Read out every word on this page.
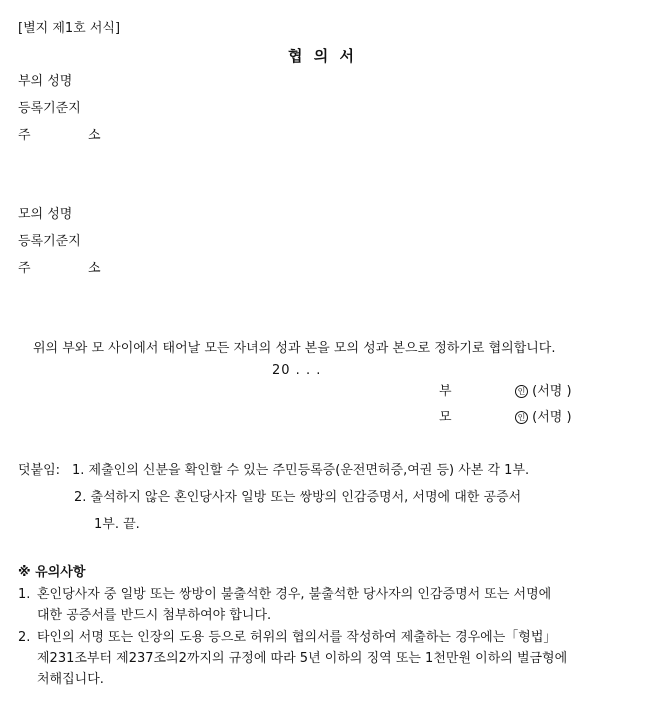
[별지 제1호 서식]
협 의 서
부의 성명
등록기준지
주	소
모의 성명
등록기준지
주	소
위의 부와 모 사이에서 태어날 모든 자녀의 성과 본을 모의 성과 본으로 정하기로 협의합니다.
20 . . .
부	인 (서명 )
모	인 (서명 )
덧붙임: 1. 제출인의 신분을 확인할 수 있는 주민등록증(운전면허증,여권 등) 사본 각 1부.
2. 출석하지 않은 혼인당사자 일방 또는 쌍방의 인감증명서, 서명에 대한 공증서
1부. 끝.
※ 유의사항
1. 혼인당사자 중 일방 또는 쌍방이 불출석한 경우, 불출석한 당사자의 인감증명서 또는 서명에
대한 공증서를 반드시 첨부하여야 합니다.
2. 타인의 서명 또는 인장의 도용 등으로 허위의 협의서를 작성하여 제출하는 경우에는「형법」
제231조부터 제237조의2까지의 규정에 따라 5년 이하의 징역 또는 1천만원 이하의 벌금형에
처해집니다.
